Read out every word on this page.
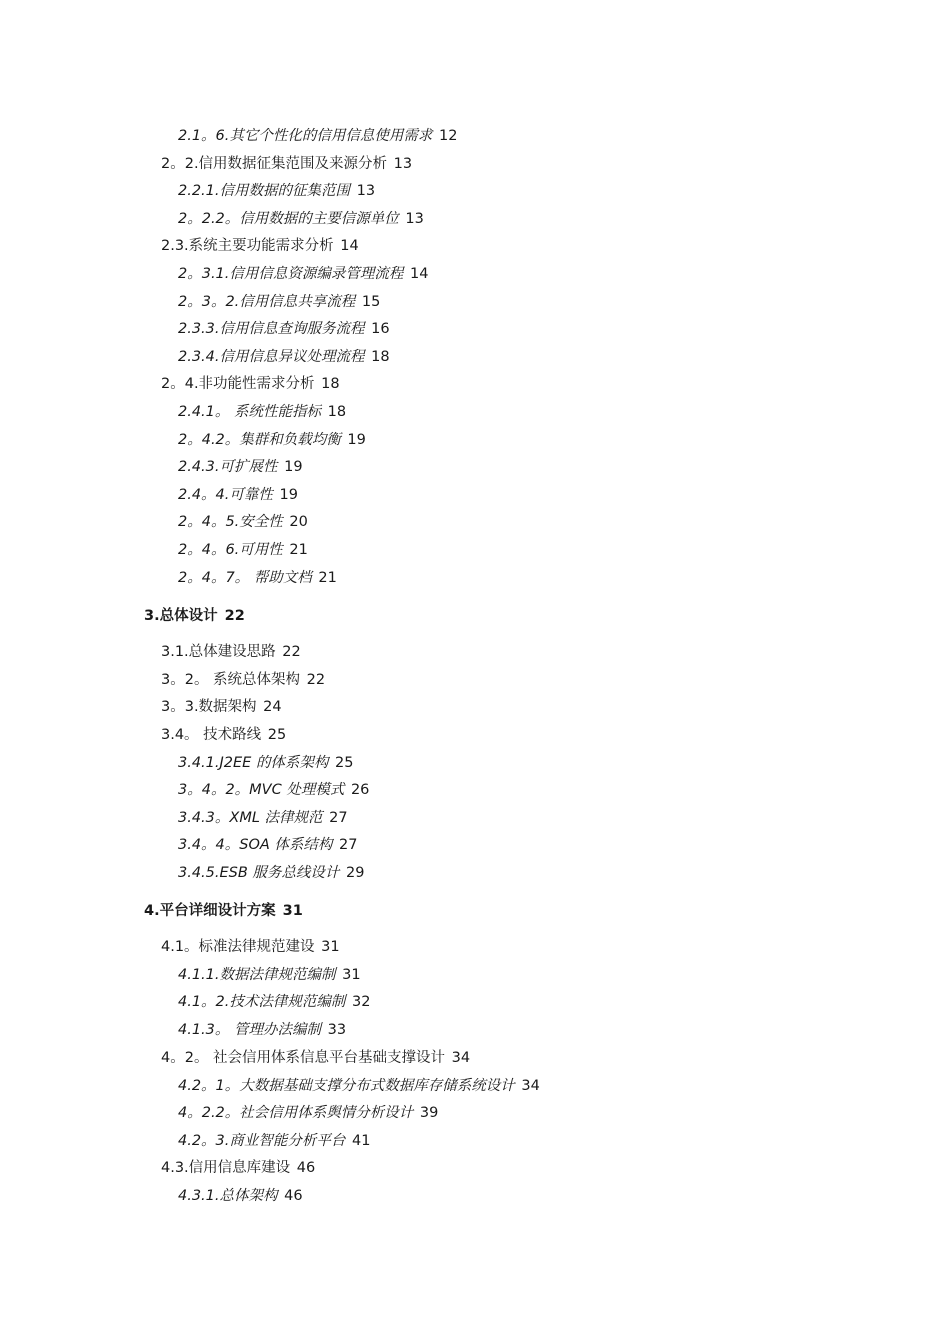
2.1。6.其它个性化的信用信息使用需求 12
2。2.信用数据征集范围及来源分析 13
2.2.1.信用数据的征集范围 13
2。2.2。信用数据的主要信源单位 13
2.3.系统主要功能需求分析 14
2。3.1.信用信息资源编录管理流程 14
2。3。2.信用信息共享流程 15
2.3.3.信用信息查询服务流程 16
2.3.4.信用信息异议处理流程 18
2。4.非功能性需求分析 18
2.4.1。 系统性能指标 18
2。4.2。集群和负载均衡 19
2.4.3.可扩展性 19
2.4。4.可靠性 19
2。4。5.安全性 20
2。4。6.可用性 21
2。4。7。 帮助文档 21
3.总体设计 22
3.1.总体建设思路 22
3。2。 系统总体架构 22
3。3.数据架构 24
3.4。 技术路线 25
3.4.1.J2EE 的体系架构 25
3。4。2。MVC 处理模式 26
3.4.3。XML 法律规范 27
3.4。4。SOA 体系结构 27
3.4.5.ESB 服务总线设计 29
4.平台详细设计方案 31
4.1。标准法律规范建设 31
4.1.1.数据法律规范编制 31
4.1。2.技术法律规范编制 32
4.1.3。 管理办法编制 33
4。2。 社会信用体系信息平台基础支撑设计 34
4.2。1。大数据基础支撑分布式数据库存储系统设计 34
4。2.2。社会信用体系舆情分析设计 39
4.2。3.商业智能分析平台 41
4.3.信用信息库建设 46
4.3.1.总体架构 46
